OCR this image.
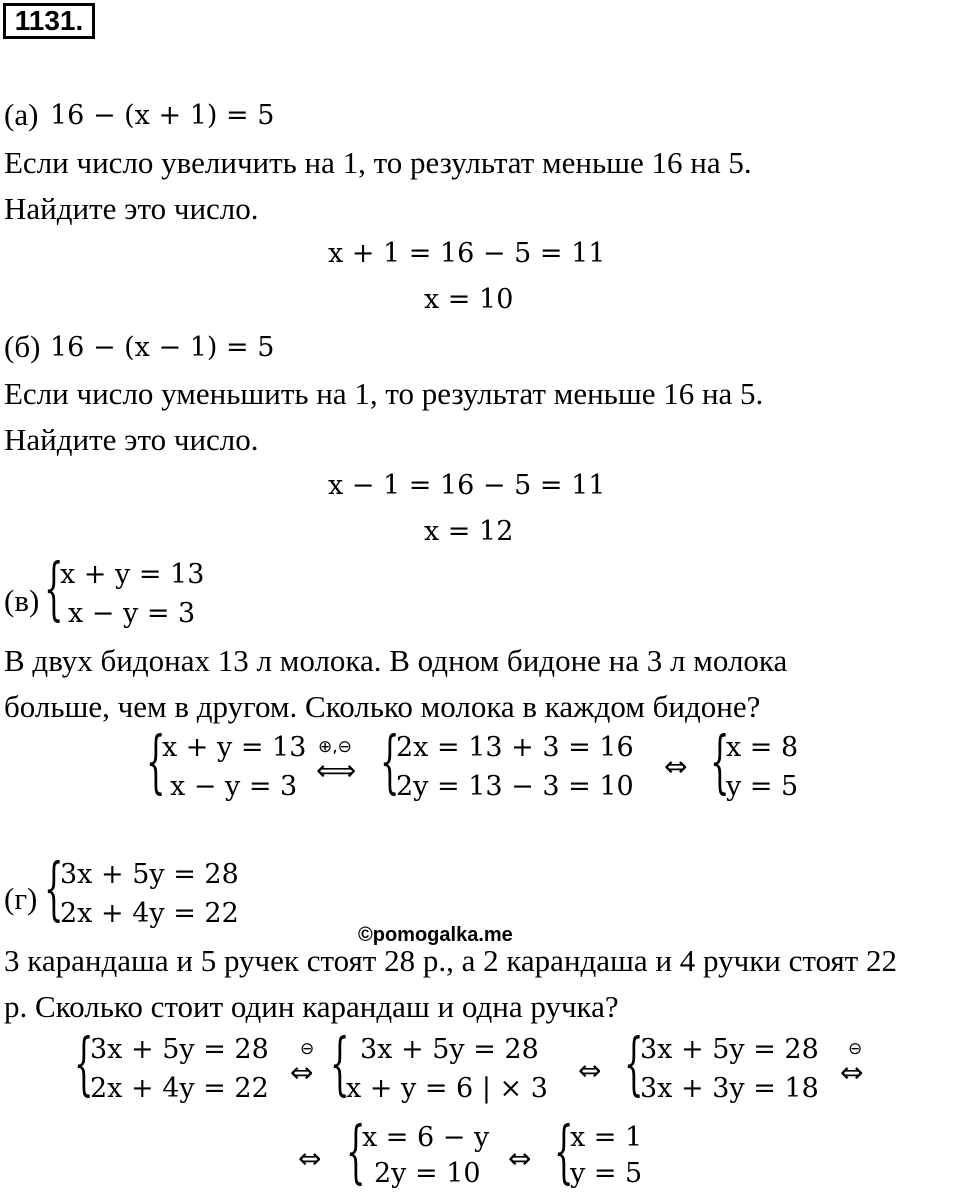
1131.
(а) 16 − (x + 1) = 5
Если число увеличить на 1, то результат меньше 16 на 5.
Найдите это число.
x + 1 = 16 − 5 = 11
x = 10
(б) 16 − (x − 1) = 5
Если число уменьшить на 1, то результат меньше 16 на 5.
Найдите это число.
x − 1 = 16 − 5 = 11
x = 12
(в) {
x + y = 13
x − y = 3
В двух бидонах 13 л молока. В одном бидоне на 3 л молока
больше, чем в другом. Сколько молока в каждом бидоне?
{
x + y = 13
x − y = 3
⊕,⊖
⟺ {
2x = 13 + 3 = 16
2y = 13 − 3 = 10
⇔ {
x = 8
y = 5
(г) {
3x + 5y = 28
2x + 4y = 22
©pomogalka.me
3 карандаша и 5 ручек стоят 28 р., а 2 карандаша и 4 ручки стоят 22
р. Сколько стоит один карандаш и одна ручка?
{
3x + 5y = 28
2x + 4y = 22
⊖
⇔ { 3x + 5y = 28
x + y = 6 | × 3
⇔ {
3x + 5y = 28
3x + 3y = 18
⊖
⇔
⇔ {
x = 6 − y
2y = 10 ⇔ {
x = 1
y = 5
